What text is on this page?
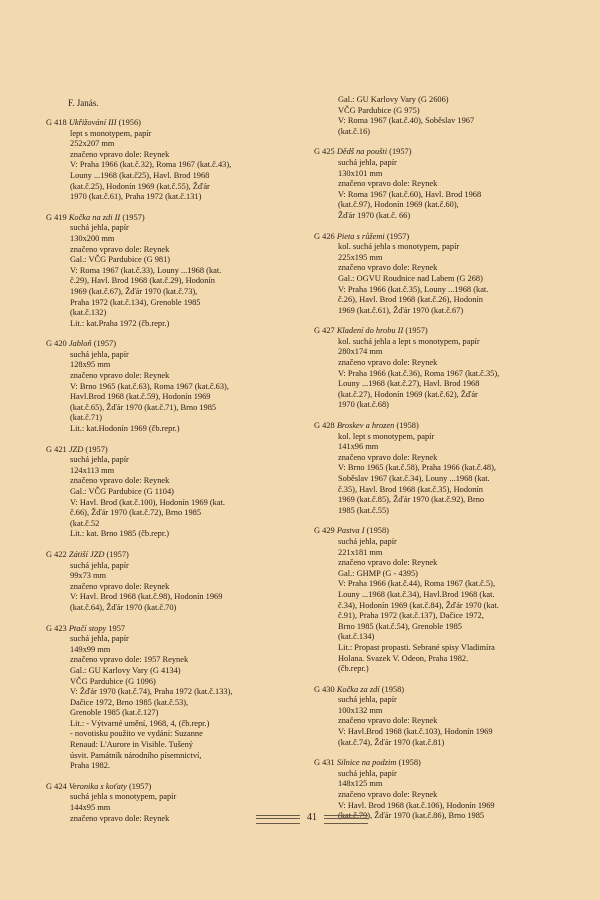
F. Janás.
G 418 Ukřižování III (1956)
lept s monotypem, papír
252x207 mm
značeno vpravo dole: Reynek
V: Praha 1966 (kat.č.32), Roma 1967 (kat.č.43),
Louny ...1968 (kat.č25), Havl. Brod 1968
(kat.č.25), Hodonín 1969 (kat.č.55), Žďár
1970 (kat.č.61), Praha 1972 (kat.č.131)
G 419 Kočka na zdi II (1957)
suchá jehla, papír
130x200 mm
značeno vpravo dole: Reynek
Gal.: VČG Pardubice (G 981)
V: Roma 1967 (kat.č.33), Louny ...1968 (kat.
č.29), Havl. Brod 1968 (kat.č.29), Hodonín
1969 (kat.č.67), Žďár 1970 (kat.č.73),
Praha 1972 (kat.č.134), Grenoble 1985
(kat.č.132)
Lit.: kat.Praha 1972 (čb.repr.)
G 420 Jabloň (1957)
suchá jehla, papír
128x95 mm
značeno vpravo dole: Reynek
V: Brno 1965 (kat.č.63), Roma 1967 (kat.č.63),
Havl.Brod 1968 (kat.č.59), Hodonín 1969
(kat.č.65), Žďár 1970 (kat.č.71), Brno 1985
(kat.č.71)
Lit.: kat.Hodonín 1969 (čb.repr.)
G 421 JZD (1957)
suchá jehla, papír
124x113 mm
značeno vpravo dole: Reynek
Gal.: VČG Pardubice (G 1104)
V: Havl. Brod (kat.č.100), Hodonín 1969 (kat.
č.66), Žďár 1970 (kat.č.72), Brno 1985
(kat.č.52
Lit.: kat. Brno 1985 (čb.repr.)
G 422 Zátiší JZD (1957)
suchá jehla, papír
99x73 mm
značeno vpravo dole: Reynek
V: Havl. Brod 1968 (kat.č.98), Hodonín 1969
(kat.č.64), Žďár 1970 (kat.č.70)
G 423 Ptačí stopy 1957
suchá jehla, papír
149x99 mm
značeno vpravo dole: 1957 Reynek
Gal.: GU Karlovy Vary (G 4134)
VČG Pardubice (G 1096)
V: Žďár 1970 (kat.č.74), Praha 1972 (kat.č.133),
Dačice 1972, Brno 1985 (kat.č.53),
Grenoble 1985 (kat.č.127)
Lit.: - Výtvarné umění, 1968, 4, (čb.repr.)
- novotisku použito ve vydání: Suzanne
Renaud: L'Aurore in Visible. Tušený
úsvit. Památník národního písemnictví,
Praha 1982.
G 424 Veronika s koťaty (1957)
suchá jehla s monotypem, papír
144x95 mm
značeno vpravo dole: Reynek
Gal.: GU Karlovy Vary (G 2606)
VČG Pardubice (G 975)
V: Roma 1967 (kat.č.40), Soběslav 1967
(kat.č.16)
G 425 Dědš na poušti (1957)
suchá jehla, papír
130x101 mm
značeno vpravo dole: Reynek
V: Roma 1967 (kat.č.60), Havl. Brod 1968
(kat.č.97), Hodonín 1969 (kat.č.60),
Žďár 1970 (kat.č. 66)
G 426 Pieta s růžemi (1957)
kol. suchá jehla s monotypem, papír
225x195 mm
značeno vpravo dole: Reynek
Gal.: OGVU Roudnice nad Labem (G 268)
V: Praha 1966 (kat.č.35), Louny ...1968 (kat.
č.26), Havl. Brod 1968 (kat.č.26), Hodonín
1969 (kat.č.61), Žďár 1970 (kat.č.67)
G 427 Kladení do hrobu II (1957)
kol. suchá jehla a lept s monotypem, papír
280x174 mm
značeno vpravo dole: Reynek
V: Praha 1966 (kat.č.36), Roma 1967 (kat.č.35),
Louny ...1968 (kat.č.27), Havl. Brod 1968
(kat.č.27), Hodonín 1969 (kat.č.62), Žďár
1970 (kat.č.68)
G 428 Broskev a hrozen (1958)
kol. lept s monotypem, papír
141x96 mm
značeno vpravo dole: Reynek
V: Brno 1965 (kat.č.58), Praha 1966 (kat.č.48),
Soběslav 1967 (kat.č.34), Louny ...1968 (kat.
č.35), Havl. Brod 1968 (kat.č.35), Hodonín
1969 (kat.č.85), Žďár 1970 (kat.č.92), Brno
1985 (kat.č.55)
G 429 Pastva I (1958)
suchá jehla, papír
221x181 mm
značeno vpravo dole: Reynek
Gal.: GHMP (G - 4395)
V: Praha 1966 (kat.č.44), Roma 1967 (kat.č.5),
Louny ...1968 (kat.č.34), Havl.Brod 1968 (kat.
č.34), Hodonín 1969 (kat.č.84), Žďár 1970 (kat.
č.91), Praha 1972 (kat.č.137), Dačice 1972,
Brno 1985 (kat.č.54), Grenoble 1985
(kat.č.134)
Lit.: Propast propasti. Sebrané spisy Vladimíra
Holana. Svazek V. Odeon, Praha 1982.
(čb.repr.)
G 430 Kočka za zdí (1958)
suchá jehla, papír
100x132 mm
značeno vpravo dole: Reynek
V: Havl.Brod 1968 (kat.č.103), Hodonín 1969
(kat.č.74), Žďár 1970 (kat.č.81)
G 431 Silnice na podzim (1958)
suchá jehla, papír
148x125 mm
značeno vpravo dole: Reynek
V: Havl. Brod 1968 (kat.č.106), Hodonín 1969
(kat.č.79), Žďár 1970 (kat.č.86), Brno 1985
41
